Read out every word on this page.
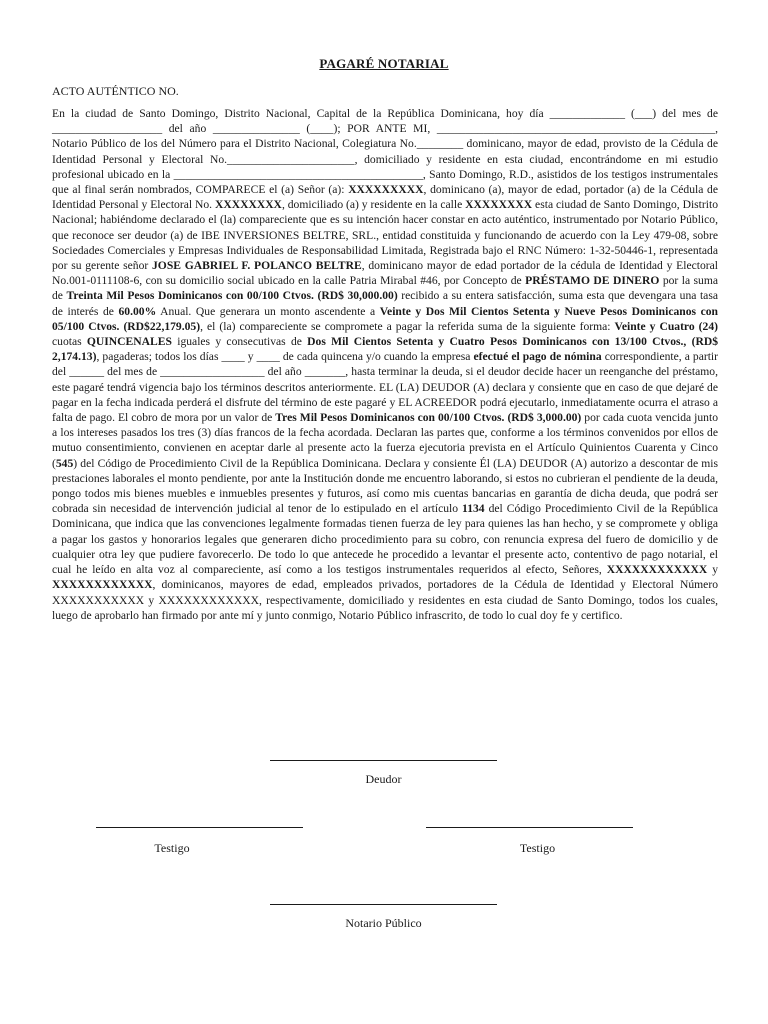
PAGARÉ NOTARIAL
ACTO AUTÉNTICO NO.
En la ciudad de Santo Domingo, Distrito Nacional, Capital de la República Dominicana, hoy día _____________ (___) del mes de ___________________ del año _______________ (____); POR ANTE MI, ________________________________________________, Notario Público de los del Número para el Distrito Nacional, Colegiatura No.________ dominicano, mayor de edad, provisto de la Cédula de Identidad Personal y Electoral No.______________________, domiciliado y residente en esta ciudad, encontrándome en mi estudio profesional ubicado en la ___________________________________________, Santo Domingo, R.D., asistidos de los testigos instrumentales que al final serán nombrados, COMPARECE el (a) Señor (a): XXXXXXXXX, dominicano (a), mayor de edad, portador (a) de la Cédula de Identidad Personal y Electoral No. XXXXXXXX, domiciliado (a) y residente en la calle XXXXXXXX esta ciudad de Santo Domingo, Distrito Nacional; habiéndome declarado el (la) compareciente que es su intención hacer constar en acto auténtico, instrumentado por Notario Público, que reconoce ser deudor (a) de IBE INVERSIONES BELTRE, SRL., entidad constituida y funcionando de acuerdo con la Ley 479-08, sobre Sociedades Comerciales y Empresas Individuales de Responsabilidad Limitada, Registrada bajo el RNC Número: 1-32-50446-1, representada por su gerente señor JOSE GABRIEL F. POLANCO BELTRE, dominicano mayor de edad portador de la cédula de Identidad y Electoral No.001-0111108-6, con su domicilio social ubicado en la calle Patria Mirabal #46, por Concepto de PRÉSTAMO DE DINERO por la suma de Treinta Mil Pesos Dominicanos con 00/100 Ctvos. (RD$ 30,000.00) recibido a su entera satisfacción, suma esta que devengara una tasa de interés de 60.00% Anual. Que generara un monto ascendente a Veinte y Dos Mil Cientos Setenta y Nueve Pesos Dominicanos con 05/100 Ctvos. (RD$22,179.05), el (la) compareciente se compromete a pagar la referida suma de la siguiente forma: Veinte y Cuatro (24) cuotas QUINCENALES iguales y consecutivas de Dos Mil Cientos Setenta y Cuatro Pesos Dominicanos con 13/100 Ctvos., (RD$ 2,174.13), pagaderas; todos los días ____ y ____ de cada quincena y/o cuando la empresa efectué el pago de nómina correspondiente, a partir del ______ del mes de __________________ del año _______, hasta terminar la deuda, si el deudor decide hacer un reenganche del préstamo, este pagaré tendrá vigencia bajo los términos descritos anteriormente. EL (LA) DEUDOR (A) declara y consiente que en caso de que dejaré de pagar en la fecha indicada perderá el disfrute del término de este pagaré y EL ACREEDOR podrá ejecutarlo, inmediatamente ocurra el atraso a falta de pago. El cobro de mora por un valor de Tres Mil Pesos Dominicanos con 00/100 Ctvos. (RD$ 3,000.00) por cada cuota vencida junto a los intereses pasados los tres (3) días francos de la fecha acordada. Declaran las partes que, conforme a los términos convenidos por ellos de mutuo consentimiento, convienen en aceptar darle al presente acto la fuerza ejecutoria prevista en el Artículo Quinientos Cuarenta y Cinco (545) del Código de Procedimiento Civil de la República Dominicana. Declara y consiente Él (LA) DEUDOR (A) autorizo a descontar de mis prestaciones laborales el monto pendiente, por ante la Institución donde me encuentro laborando, si estos no cubrieran el pendiente de la deuda, pongo todos mis bienes muebles e inmuebles presentes y futuros, así como mis cuentas bancarias en garantía de dicha deuda, que podrá ser cobrada sin necesidad de intervención judicial al tenor de lo estipulado en el artículo 1134 del Código Procedimiento Civil de la República Dominicana, que indica que las convenciones legalmente formadas tienen fuerza de ley para quienes las han hecho, y se compromete y obliga a pagar los gastos y honorarios legales que generaren dicho procedimiento para su cobro, con renuncia expresa del fuero de domicilio y de cualquier otra ley que pudiere favorecerlo. De todo lo que antecede he procedido a levantar el presente acto, contentivo de pago notarial, el cual he leído en alta voz al compareciente, así como a los testigos instrumentales requeridos al efecto, Señores, XXXXXXXXXXXX y XXXXXXXXXXXX, dominicanos, mayores de edad, empleados privados, portadores de la Cédula de Identidad y Electoral Número XXXXXXXXXXX y XXXXXXXXXXXX, respectivamente, domiciliado y residentes en esta ciudad de Santo Domingo, todos los cuales, luego de aprobarlo han firmado por ante mí y junto conmigo, Notario Público infrascrito, de todo lo cual doy fe y certifico.
Deudor
Testigo	Testigo
Notario Público
